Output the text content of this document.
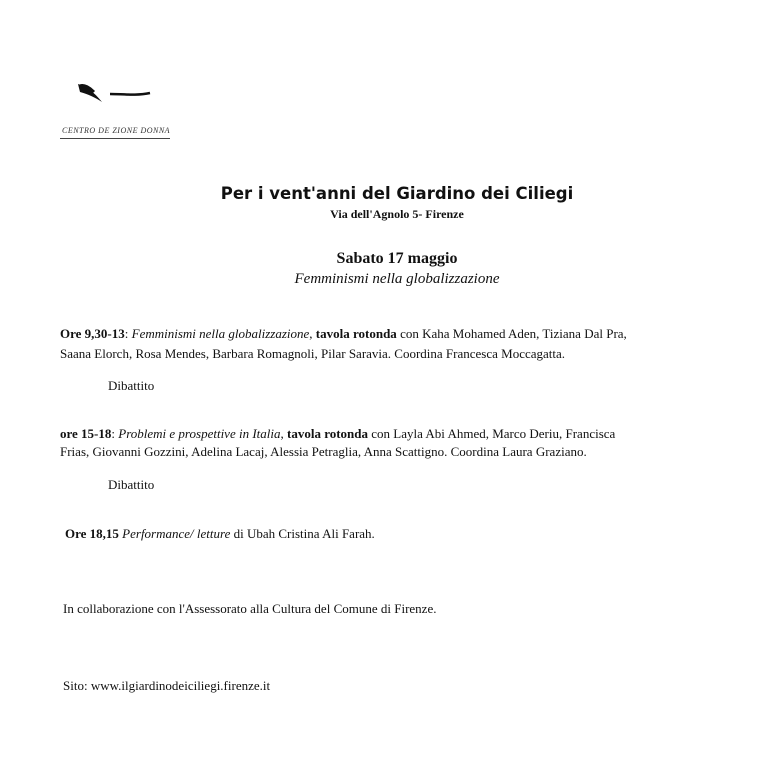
CENTRO DE ZIONE DONNA
Per i vent'anni del Giardino dei Ciliegi
Via dell'Agnolo 5- Firenze
Sabato 17 maggio
Femminismi nella globalizzazione
Ore 9,30-13: Femminismi nella globalizzazione, tavola rotonda con Kaha Mohamed Aden, Tiziana Dal Pra,
Saana Elorch, Rosa Mendes, Barbara Romagnoli, Pilar Saravia. Coordina Francesca Moccagatta.
Dibattito
ore 15-18: Problemi e prospettive in Italia, tavola rotonda con Layla Abi Ahmed, Marco Deriu, Francisca
Frias, Giovanni Gozzini, Adelina Lacaj, Alessia Petraglia, Anna Scattigno. Coordina Laura Graziano.
Dibattito
Ore 18,15 Performance/ letture di Ubah Cristina Ali Farah.
In collaborazione con l'Assessorato alla Cultura del Comune di Firenze.
Sito: www.ilgiardinodeiciliegi.firenze.it
